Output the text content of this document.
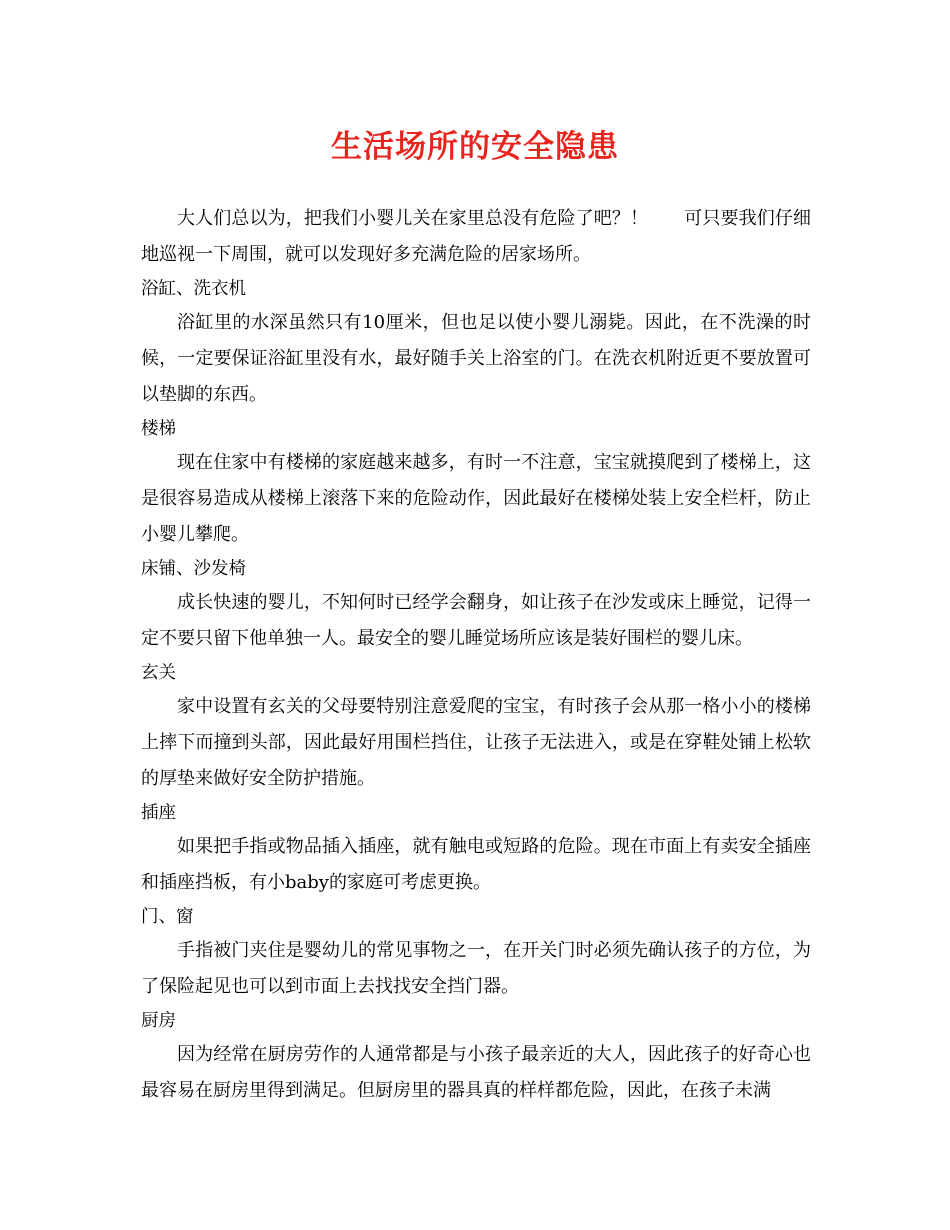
生活场所的安全隐患

大人们总以为，把我们小婴儿关在家里总没有危险了吧？！　　可只要我们仔细地巡视一下周围，就可以发现好多充满危险的居家场所。

浴缸、洗衣机

浴缸里的水深虽然只有10厘米，但也足以使小婴儿溺毙。因此，在不洗澡的时候，一定要保证浴缸里没有水，最好随手关上浴室的门。在洗衣机附近更不要放置可以垫脚的东西。

楼梯

现在住家中有楼梯的家庭越来越多，有时一不注意，宝宝就摸爬到了楼梯上，这是很容易造成从楼梯上滚落下来的危险动作，因此最好在楼梯处装上安全栏杆，防止小婴儿攀爬。

床铺、沙发椅

成长快速的婴儿，不知何时已经学会翻身，如让孩子在沙发或床上睡觉，记得一定不要只留下他单独一人。最安全的婴儿睡觉场所应该是装好围栏的婴儿床。

玄关

家中设置有玄关的父母要特别注意爱爬的宝宝，有时孩子会从那一格小小的楼梯上摔下而撞到头部，因此最好用围栏挡住，让孩子无法进入，或是在穿鞋处铺上松软的厚垫来做好安全防护措施。

插座

如果把手指或物品插入插座，就有触电或短路的危险。现在市面上有卖安全插座和插座挡板，有小baby的家庭可考虑更换。

门、窗

手指被门夹住是婴幼儿的常见事物之一，在开关门时必须先确认孩子的方位，为了保险起见也可以到市面上去找找安全挡门器。

厨房

因为经常在厨房劳作的人通常都是与小孩子最亲近的大人，因此孩子的好奇心也最容易在厨房里得到满足。但厨房里的器具真的样样都危险，因此，在孩子未满
